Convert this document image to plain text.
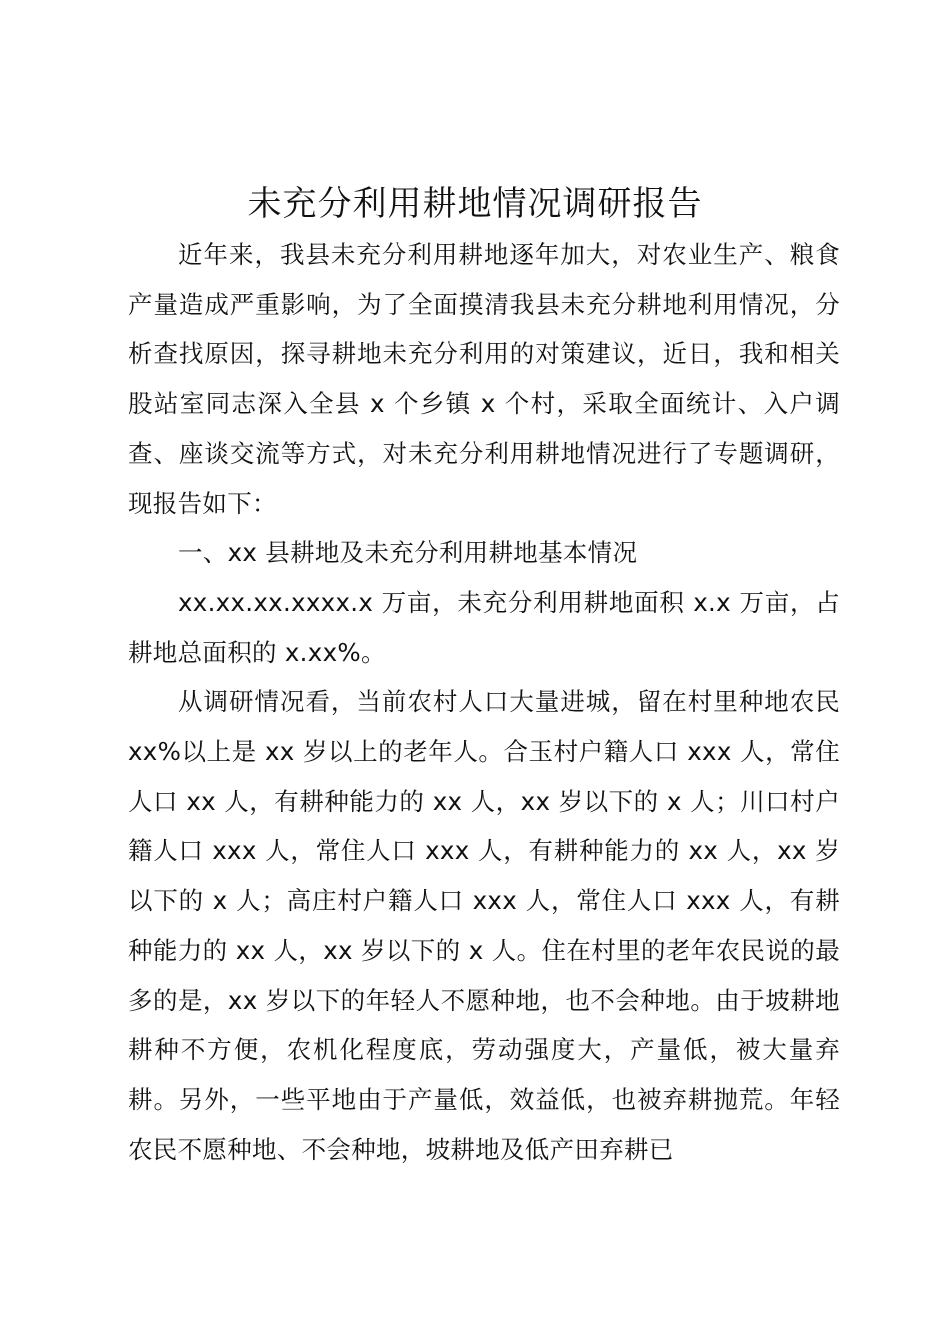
未充分利用耕地情况调研报告

近年来，我县未充分利用耕地逐年加大，对农业生产、粮食产量造成严重影响，为了全面摸清我县未充分耕地利用情况，分析查找原因，探寻耕地未充分利用的对策建议，近日，我和相关股站室同志深入全县 x 个乡镇 x 个村，采取全面统计、入户调查、座谈交流等方式，对未充分利用耕地情况进行了专题调研，现报告如下：

一、xx 县耕地及未充分利用耕地基本情况

xx.xx.xx.xxxx.x 万亩，未充分利用耕地面积 x.x 万亩，占耕地总面积的 x.xx%。

从调研情况看，当前农村人口大量进城，留在村里种地农民 xx%以上是 xx 岁以上的老年人。合玉村户籍人口 xxx 人，常住人口 xx 人，有耕种能力的 xx 人，xx 岁以下的 x 人；川口村户籍人口 xxx 人，常住人口 xxx 人，有耕种能力的 xx 人，xx 岁以下的 x 人；高庄村户籍人口 xxx 人，常住人口 xxx 人，有耕种能力的 xx 人，xx 岁以下的 x 人。住在村里的老年农民说的最多的是，xx 岁以下的年轻人不愿种地，也不会种地。由于坡耕地耕种不方便，农机化程度底，劳动强度大，产量低，被大量弃耕。另外，一些平地由于产量低，效益低，也被弃耕抛荒。年轻农民不愿种地、不会种地，坡耕地及低产田弃耕已
